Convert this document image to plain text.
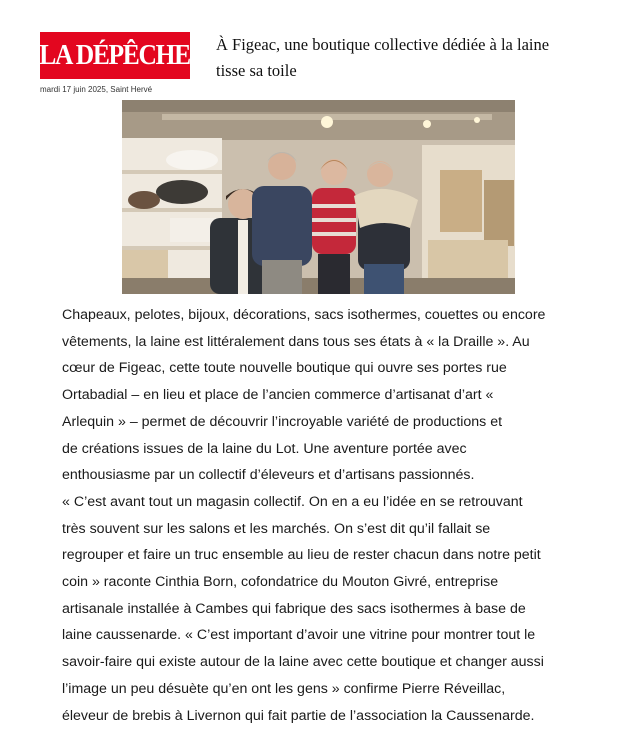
LA DÉPÊCHE
mardi 17 juin 2025, Saint Hervé
À Figeac, une boutique collective dédiée à la laine
tisse sa toile
Chapeaux, pelotes, bijoux, décorations, sacs isothermes, couettes ou encore
vêtements, la laine est littéralement dans tous ses états à « la Draille ». Au
cœur de Figeac, cette toute nouvelle boutique qui ouvre ses portes rue
Ortabadial – en lieu et place de l’ancien commerce d’artisanat d’art «
Arlequin » – permet de découvrir l’incroyable variété de productions et
de créations issues de la laine du Lot. Une aventure portée avec
enthousiasme par un collectif d’éleveurs et d’artisans passionnés.
« C’est avant tout un magasin collectif. On en a eu l’idée en se retrouvant
très souvent sur les salons et les marchés. On s’est dit qu’il fallait se
regrouper et faire un truc ensemble au lieu de rester chacun dans notre petit
coin » raconte Cinthia Born, cofondatrice du Mouton Givré, entreprise
artisanale installée à Cambes qui fabrique des sacs isothermes à base de
laine caussenarde. « C’est important d’avoir une vitrine pour montrer tout le
savoir-faire qui existe autour de la laine avec cette boutique et changer aussi
l’image un peu désuète qu’en ont les gens » confirme Pierre Réveillac,
éleveur de brebis à Livernon qui fait partie de l’association la Caussenarde.
